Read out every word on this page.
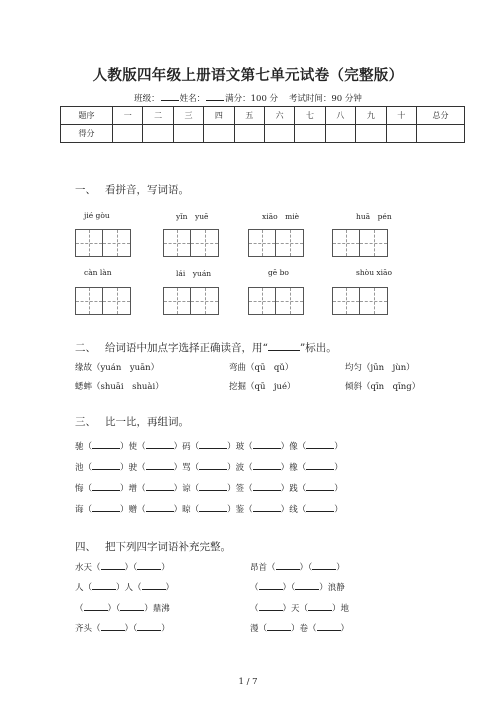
人教版四年级上册语文第七单元试卷（完整版）
班级： 姓名： 满分：100 分 考试时间：90 分钟
题序	一	二	三	四	五	六	七	八	九	十	总分
得分											
一、 看拼音，写词语。
jié gòu	yǐn　yuē	xiāo　miè	huā　pén
càn làn	lái　yuán	gē bo	shòu xiāo
二、 给词语中加点字选择正确读音，用“	”标出。
缘故（yuán　yuān）	弯曲（qū　qǔ）	均匀（jūn　jùn）
蟋蟀（shuāi　shuài）	挖掘（qū　jué）	倾斜（qīn　qīng）
三、 比一比，再组词。
驰（	）使（	）码（	）玻（	）像（	）
池（	）驶（	）骂（	）波（	）橡（	）
悔（	）增（	）谅（	）签（	）践（	）
诲（	）赠（	）晾（	）鉴（	）线（	）
四、 把下列四字词语补充完整。
水天（	）（	）
人（	）人（	）
（	）（	）鼎沸
齐头（	）（	）
昂首（	）（	）
（	）（	）浪静
（	）天（	）地
漫（	）卷（	）
1 / 7
